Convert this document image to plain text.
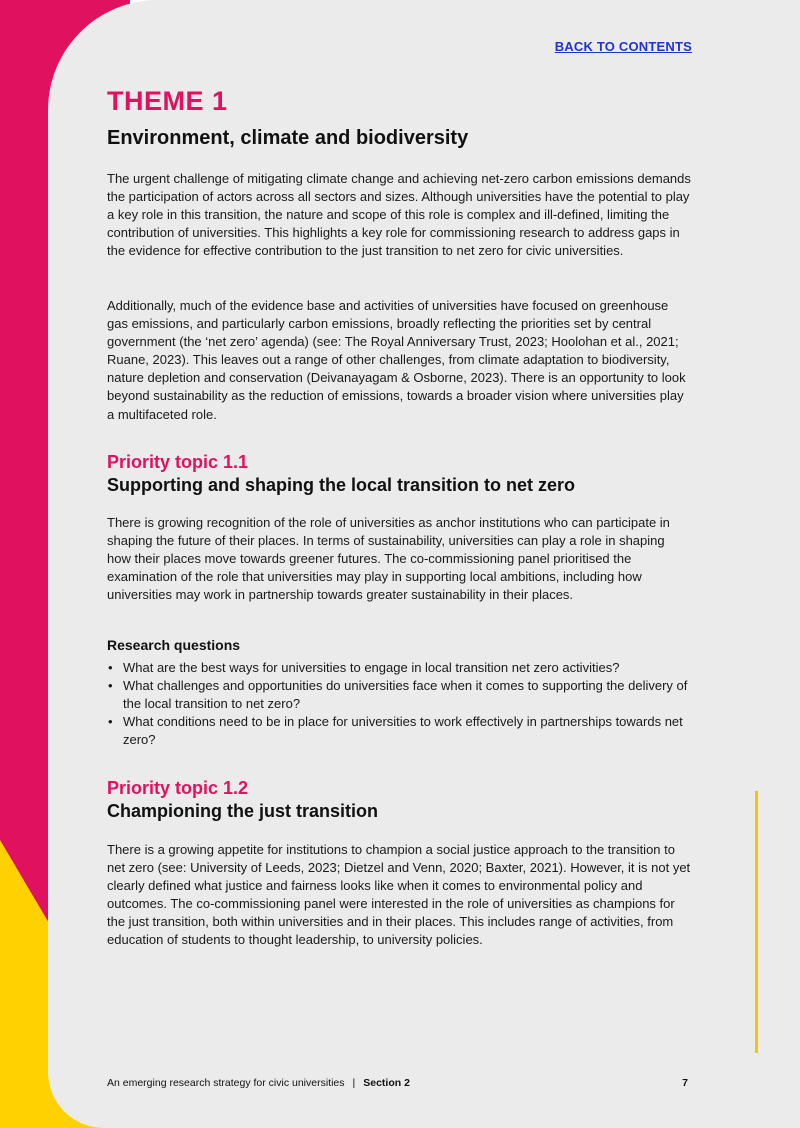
BACK TO CONTENTS
THEME 1
Environment, climate and biodiversity

The urgent challenge of mitigating climate change and achieving net-zero carbon emissions demands the participation of actors across all sectors and sizes. Although universities have the potential to play a key role in this transition, the nature and scope of this role is complex and ill-defined, limiting the contribution of universities. This highlights a key role for commissioning research to address gaps in the evidence for effective contribution to the just transition to net zero for civic universities.

Additionally, much of the evidence base and activities of universities have focused on greenhouse gas emissions, and particularly carbon emissions, broadly reflecting the priorities set by central government (the ‘net zero’ agenda) (see: The Royal Anniversary Trust, 2023; Hoolohan et al., 2021; Ruane, 2023). This leaves out a range of other challenges, from climate adaptation to biodiversity, nature depletion and conservation (Deivanayagam & Osborne, 2023). There is an opportunity to look beyond sustainability as the reduction of emissions, towards a broader vision where universities play a multifaceted role.

Priority topic 1.1
Supporting and shaping the local transition to net zero

There is growing recognition of the role of universities as anchor institutions who can participate in shaping the future of their places. In terms of sustainability, universities can play a role in shaping how their places move towards greener futures. The co-commissioning panel prioritised the examination of the role that universities may play in supporting local ambitions, including how universities may work in partnership towards greater sustainability in their places.

Research questions
• What are the best ways for universities to engage in local transition net zero activities?
• What challenges and opportunities do universities face when it comes to supporting the delivery of the local transition to net zero?
• What conditions need to be in place for universities to work effectively in partnerships towards net zero?
Priority topic 1.2
Championing the just transition

There is a growing appetite for institutions to champion a social justice approach to the transition to net zero (see: University of Leeds, 2023; Dietzel and Venn, 2020; Baxter, 2021). However, it is not yet clearly defined what justice and fairness looks like when it comes to environmental policy and outcomes. The co-commissioning panel were interested in the role of universities as champions for the just transition, both within universities and in their places. This includes range of activities, from education of students to thought leadership, to university policies.

An emerging research strategy for civic universities | Section 2	7
